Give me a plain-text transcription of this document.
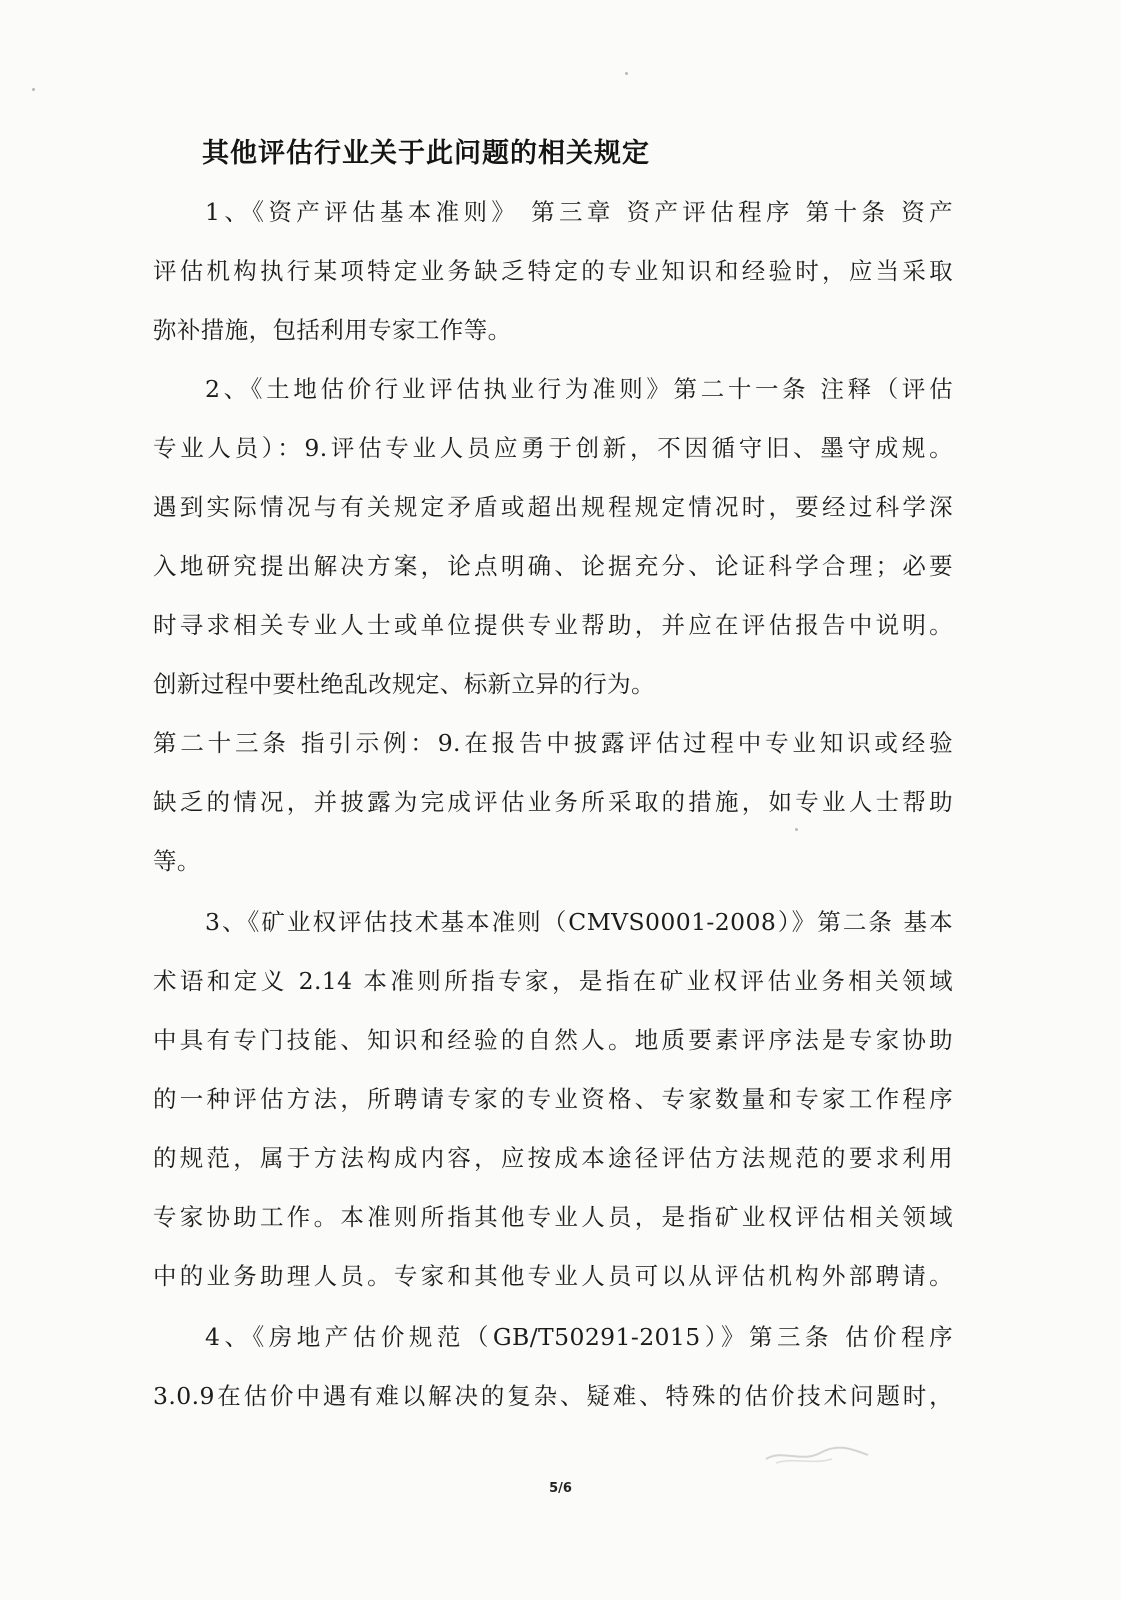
其他评估行业关于此问题的相关规定
1、《资产评估基本准则》 第三章 资产评估程序 第十条 资产
评估机构执行某项特定业务缺乏特定的专业知识和经验时，应当采取
弥补措施，包括利用专家工作等。
2、《土地估价行业评估执业行为准则》第二十一条 注释（评估
专业人员）：9.评估专业人员应勇于创新，不因循守旧、墨守成规。
遇到实际情况与有关规定矛盾或超出规程规定情况时，要经过科学深
入地研究提出解决方案，论点明确、论据充分、论证科学合理；必要
时寻求相关专业人士或单位提供专业帮助，并应在评估报告中说明。
创新过程中要杜绝乱改规定、标新立异的行为。
第二十三条 指引示例：9.在报告中披露评估过程中专业知识或经验
缺乏的情况，并披露为完成评估业务所采取的措施，如专业人士帮助
等。
3、《矿业权评估技术基本准则（CMVS0001-2008）》第二条 基本
术语和定义 2.14 本准则所指专家，是指在矿业权评估业务相关领域
中具有专门技能、知识和经验的自然人。地质要素评序法是专家协助
的一种评估方法，所聘请专家的专业资格、专家数量和专家工作程序
的规范，属于方法构成内容，应按成本途径评估方法规范的要求利用
专家协助工作。本准则所指其他专业人员，是指矿业权评估相关领域
中的业务助理人员。专家和其他专业人员可以从评估机构外部聘请。
4、《房地产估价规范（GB/T50291-2015）》第三条 估价程序
3.0.9在估价中遇有难以解决的复杂、疑难、特殊的估价技术问题时，
5/6
